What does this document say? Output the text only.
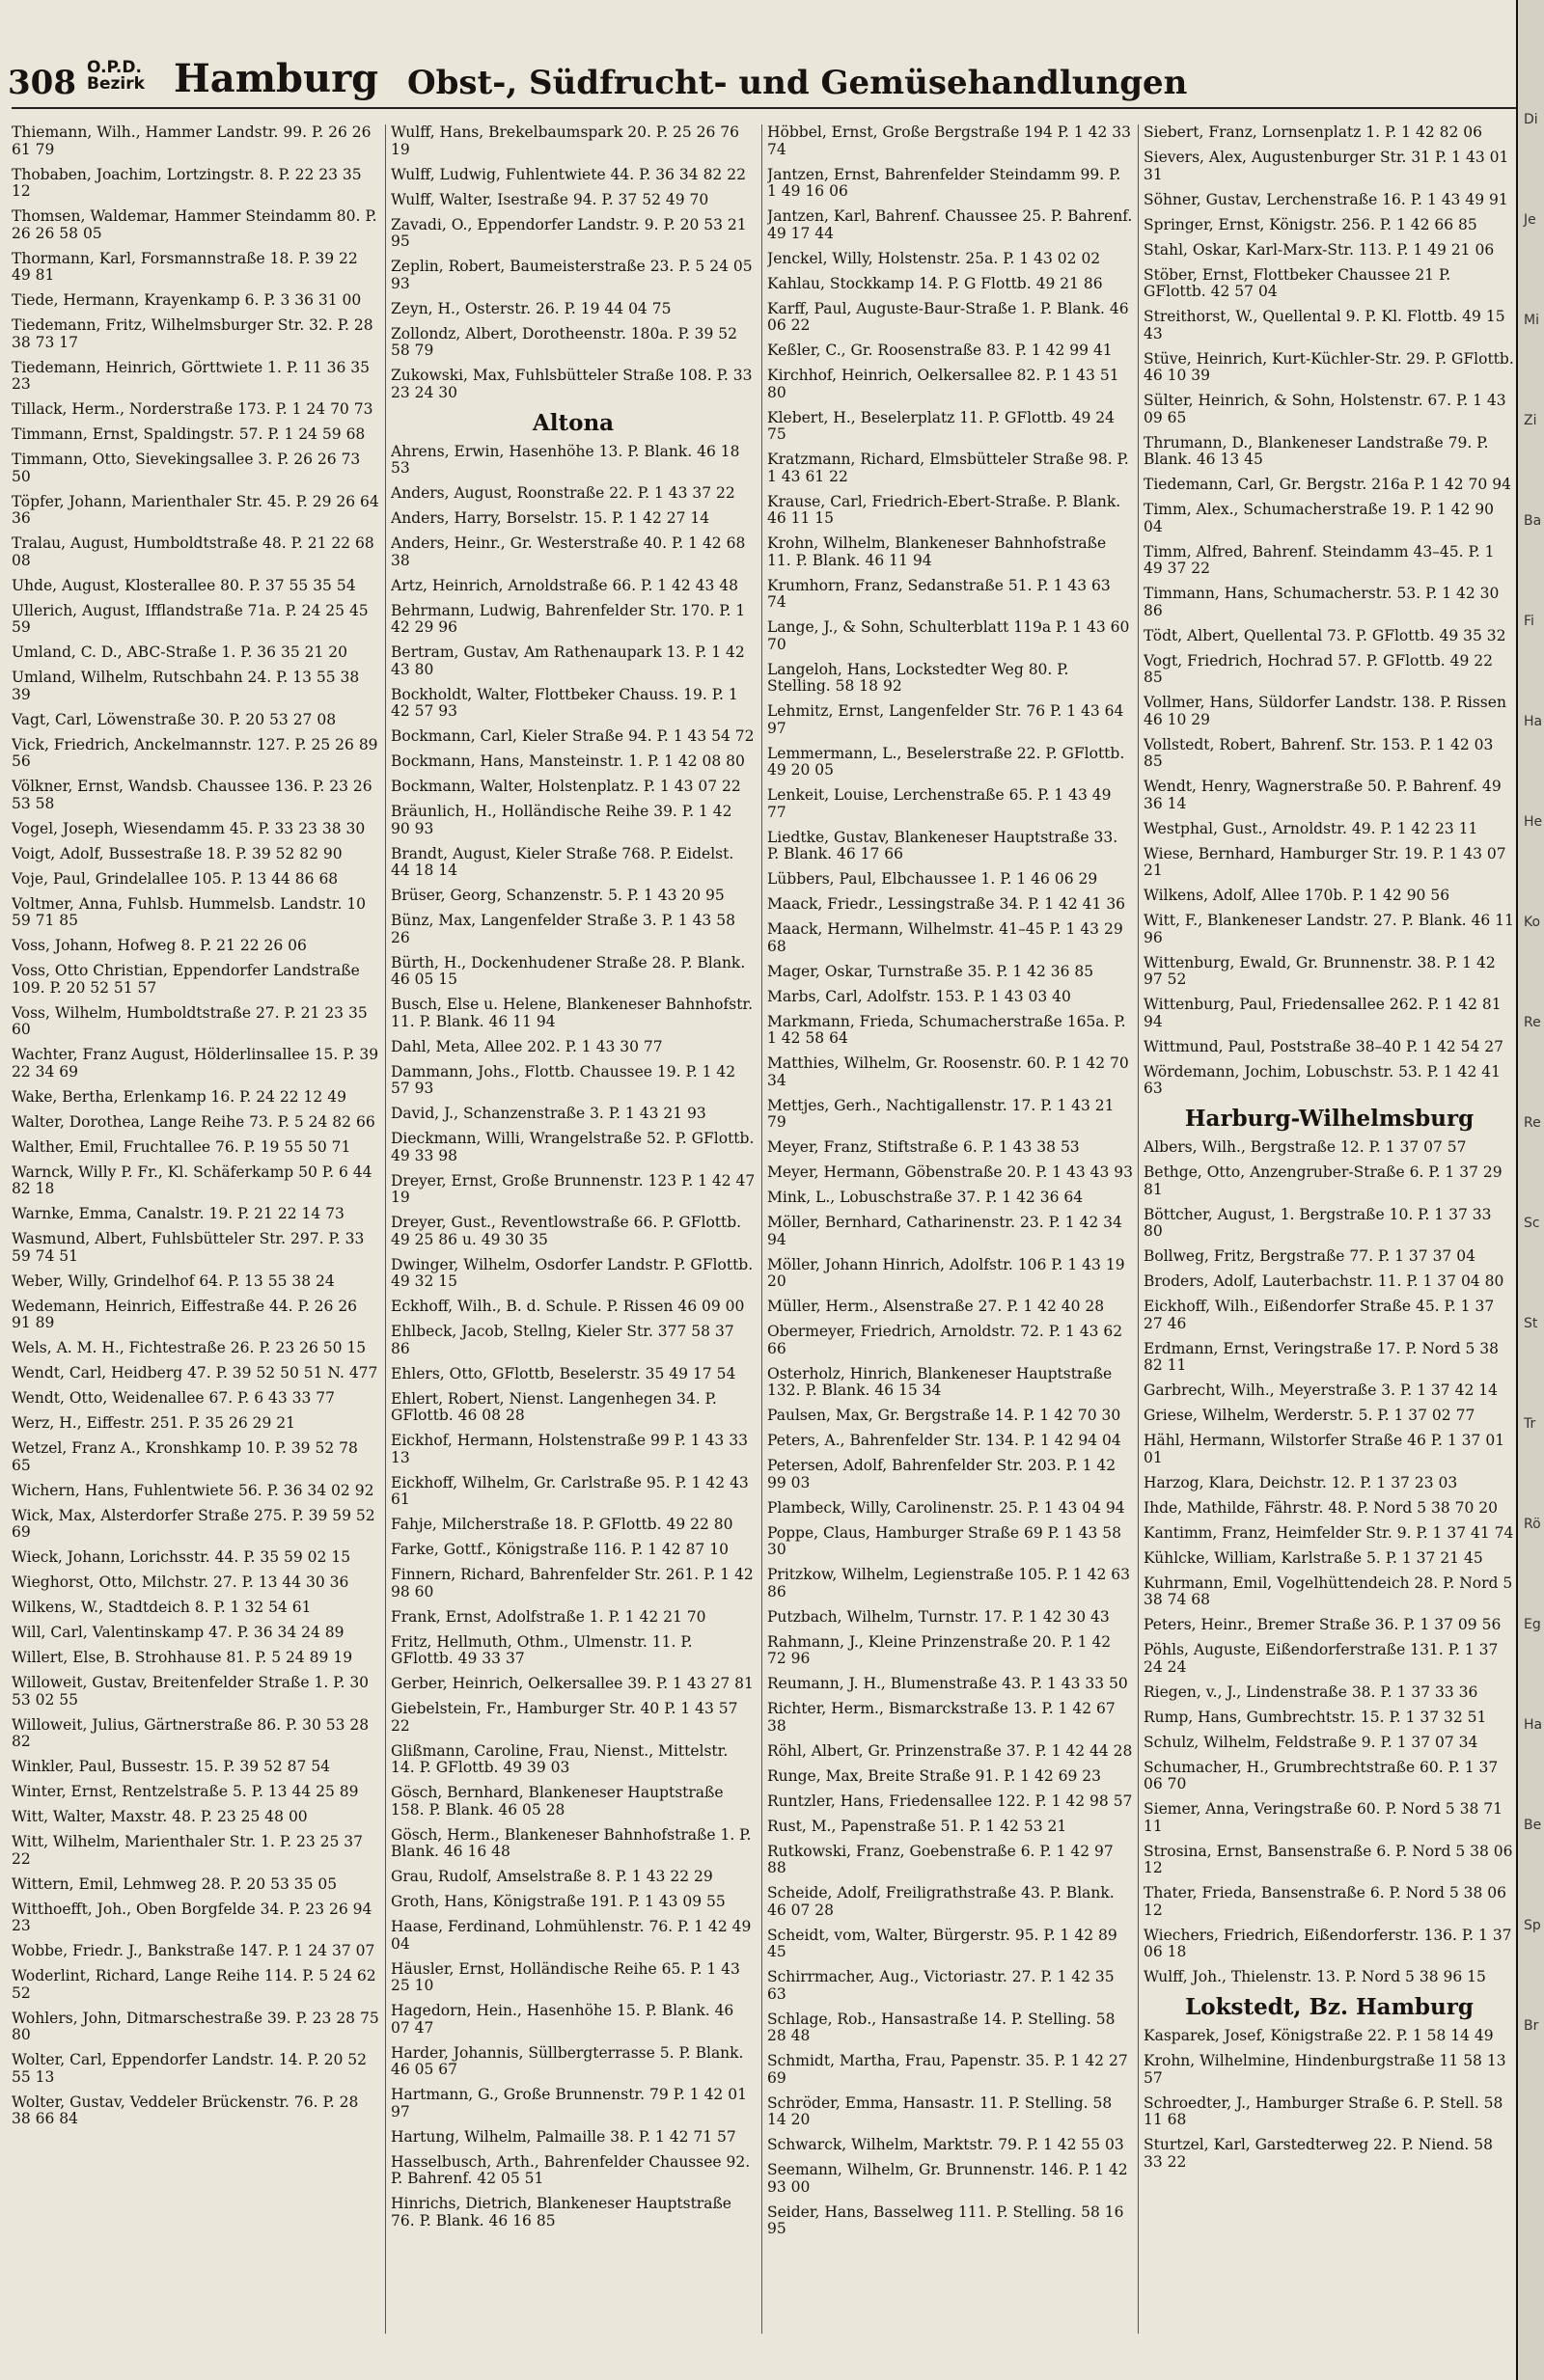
308 O.P.D.
Bezirk Hamburg Obst-, Südfrucht- und Gemüsehandlungen

Thiemann, Wilh., Hammer Landstr. 99. P. 26 26 61 79

Thobaben, Joachim, Lortzingstr. 8. P. 22 23 35 12

Thomsen, Waldemar, Hammer Steindamm 80. P. 26 26 58 05

Thormann, Karl, Forsmannstraße 18. P. 39 22 49 81

Tiede, Hermann, Krayenkamp 6. P. 3 36 31 00

Tiedemann, Fritz, Wilhelmsburger Str. 32. P. 28 38 73 17

Tiedemann, Heinrich, Görttwiete 1. P. 11 36 35 23

Tillack, Herm., Norderstraße 173. P. 1 24 70 73

Timmann, Ernst, Spaldingstr. 57. P. 1 24 59 68

Timmann, Otto, Sievekingsallee 3. P. 26 26 73 50

Töpfer, Johann, Marienthaler Str. 45. P. 29 26 64 36

Tralau, August, Humboldtstraße 48. P. 21 22 68 08

Uhde, August, Klosterallee 80. P. 37 55 35 54

Ullerich, August, Ifflandstraße 71a. P. 24 25 45 59

Umland, C. D., ABC-Straße 1. P. 36 35 21 20

Umland, Wilhelm, Rutschbahn 24. P. 13 55 38 39

Vagt, Carl, Löwenstraße 30. P. 20 53 27 08

Vick, Friedrich, Anckelmannstr. 127. P. 25 26 89 56

Völkner, Ernst, Wandsb. Chaussee 136. P. 23 26 53 58

Vogel, Joseph, Wiesendamm 45. P. 33 23 38 30

Voigt, Adolf, Bussestraße 18. P. 39 52 82 90

Voje, Paul, Grindelallee 105. P. 13 44 86 68

Voltmer, Anna, Fuhlsb. Hummelsb. Landstr. 10 59 71 85

Voss, Johann, Hofweg 8. P. 21 22 26 06

Voss, Otto Christian, Eppendorfer Landstraße 109. P. 20 52 51 57

Voss, Wilhelm, Humboldtstraße 27. P. 21 23 35 60

Wachter, Franz August, Hölderlinsallee 15. P. 39 22 34 69

Wake, Bertha, Erlenkamp 16. P. 24 22 12 49

Walter, Dorothea, Lange Reihe 73. P. 5 24 82 66

Walther, Emil, Fruchtallee 76. P. 19 55 50 71

Warnck, Willy P. Fr., Kl. Schäferkamp 50 P. 6 44 82 18

Warnke, Emma, Canalstr. 19. P. 21 22 14 73

Wasmund, Albert, Fuhlsbütteler Str. 297. P. 33 59 74 51

Weber, Willy, Grindelhof 64. P. 13 55 38 24

Wedemann, Heinrich, Eiffestraße 44. P. 26 26 91 89

Wels, A. M. H., Fichtestraße 26. P. 23 26 50 15

Wendt, Carl, Heidberg 47. P. 39 52 50 51 N. 477

Wendt, Otto, Weidenallee 67. P. 6 43 33 77

Werz, H., Eiffestr. 251. P. 35 26 29 21

Wetzel, Franz A., Kronshkamp 10. P. 39 52 78 65

Wichern, Hans, Fuhlentwiete 56. P. 36 34 02 92

Wick, Max, Alsterdorfer Straße 275. P. 39 59 52 69

Wieck, Johann, Lorichsstr. 44. P. 35 59 02 15

Wieghorst, Otto, Milchstr. 27. P. 13 44 30 36

Wilkens, W., Stadtdeich 8. P. 1 32 54 61

Will, Carl, Valentinskamp 47. P. 36 34 24 89

Willert, Else, B. Strohhause 81. P. 5 24 89 19

Willoweit, Gustav, Breitenfelder Straße 1. P. 30 53 02 55

Willoweit, Julius, Gärtnerstraße 86. P. 30 53 28 82

Winkler, Paul, Bussestr. 15. P. 39 52 87 54

Winter, Ernst, Rentzelstraße 5. P. 13 44 25 89

Witt, Walter, Maxstr. 48. P. 23 25 48 00

Witt, Wilhelm, Marienthaler Str. 1. P. 23 25 37 22

Wittern, Emil, Lehmweg 28. P. 20 53 35 05

Witthoefft, Joh., Oben Borgfelde 34. P. 23 26 94 23

Wobbe, Friedr. J., Bankstraße 147. P. 1 24 37 07

Woderlint, Richard, Lange Reihe 114. P. 5 24 62 52

Wohlers, John, Ditmarschestraße 39. P. 23 28 75 80

Wolter, Carl, Eppendorfer Landstr. 14. P. 20 52 55 13

Wolter, Gustav, Veddeler Brückenstr. 76. P. 28 38 66 84

Wulff, Hans, Brekelbaumspark 20. P. 25 26 76 19

Wulff, Ludwig, Fuhlentwiete 44. P. 36 34 82 22

Wulff, Walter, Isestraße 94. P. 37 52 49 70

Zavadi, O., Eppendorfer Landstr. 9. P. 20 53 21 95

Zeplin, Robert, Baumeisterstraße 23. P. 5 24 05 93

Zeyn, H., Osterstr. 26. P. 19 44 04 75

Zollondz, Albert, Dorotheenstr. 180a. P. 39 52 58 79

Zukowski, Max, Fuhlsbütteler Straße 108. P. 33 23 24 30

Altona

Ahrens, Erwin, Hasenhöhe 13. P. Blank. 46 18 53

Anders, August, Roonstraße 22. P. 1 43 37 22

Anders, Harry, Borselstr. 15. P. 1 42 27 14

Anders, Heinr., Gr. Westerstraße 40. P. 1 42 68 38

Artz, Heinrich, Arnoldstraße 66. P. 1 42 43 48

Behrmann, Ludwig, Bahrenfelder Str. 170. P. 1 42 29 96

Bertram, Gustav, Am Rathenaupark 13. P. 1 42 43 80

Bockholdt, Walter, Flottbeker Chauss. 19. P. 1 42 57 93

Bockmann, Carl, Kieler Straße 94. P. 1 43 54 72

Bockmann, Hans, Mansteinstr. 1. P. 1 42 08 80

Bockmann, Walter, Holstenplatz. P. 1 43 07 22

Bräunlich, H., Holländische Reihe 39. P. 1 42 90 93

Brandt, August, Kieler Straße 768. P. Eidelst. 44 18 14

Brüser, Georg, Schanzenstr. 5. P. 1 43 20 95

Bünz, Max, Langenfelder Straße 3. P. 1 43 58 26

Bürth, H., Dockenhudener Straße 28. P. Blank. 46 05 15

Busch, Else u. Helene, Blankeneser Bahnhofstr. 11. P. Blank. 46 11 94

Dahl, Meta, Allee 202. P. 1 43 30 77

Dammann, Johs., Flottb. Chaussee 19. P. 1 42 57 93

David, J., Schanzenstraße 3. P. 1 43 21 93

Dieckmann, Willi, Wrangelstraße 52. P. GFlottb. 49 33 98

Dreyer, Ernst, Große Brunnenstr. 123 P. 1 42 47 19

Dreyer, Gust., Reventlowstraße 66. P. GFlottb. 49 25 86 u. 49 30 35

Dwinger, Wilhelm, Osdorfer Landstr. P. GFlottb. 49 32 15

Eckhoff, Wilh., B. d. Schule. P. Rissen 46 09 00

Ehlbeck, Jacob, Stellng, Kieler Str. 377 58 37 86

Ehlers, Otto, GFlottb, Beselerstr. 35 49 17 54

Ehlert, Robert, Nienst. Langenhegen 34. P. GFlottb. 46 08 28

Eickhof, Hermann, Holstenstraße 99 P. 1 43 33 13

Eickhoff, Wilhelm, Gr. Carlstraße 95. P. 1 42 43 61

Fahje, Milcherstraße 18. P. GFlottb. 49 22 80

Farke, Gottf., Königstraße 116. P. 1 42 87 10

Finnern, Richard, Bahrenfelder Str. 261. P. 1 42 98 60

Frank, Ernst, Adolfstraße 1. P. 1 42 21 70

Fritz, Hellmuth, Othm., Ulmenstr. 11. P. GFlottb. 49 33 37

Gerber, Heinrich, Oelkersallee 39. P. 1 43 27 81

Giebelstein, Fr., Hamburger Str. 40 P. 1 43 57 22

Glißmann, Caroline, Frau, Nienst., Mittelstr. 14. P. GFlottb. 49 39 03

Gösch, Bernhard, Blankeneser Hauptstraße 158. P. Blank. 46 05 28

Gösch, Herm., Blankeneser Bahnhofstraße 1. P. Blank. 46 16 48

Grau, Rudolf, Amselstraße 8. P. 1 43 22 29

Groth, Hans, Königstraße 191. P. 1 43 09 55

Haase, Ferdinand, Lohmühlenstr. 76. P. 1 42 49 04

Häusler, Ernst, Holländische Reihe 65. P. 1 43 25 10

Hagedorn, Hein., Hasenhöhe 15. P. Blank. 46 07 47

Harder, Johannis, Süllbergterrasse 5. P. Blank. 46 05 67

Hartmann, G., Große Brunnenstr. 79 P. 1 42 01 97

Hartung, Wilhelm, Palmaille 38. P. 1 42 71 57

Hasselbusch, Arth., Bahrenfelder Chaussee 92. P. Bahrenf. 42 05 51

Hinrichs, Dietrich, Blankeneser Hauptstraße 76. P. Blank. 46 16 85

Höbbel, Ernst, Große Bergstraße 194 P. 1 42 33 74

Jantzen, Ernst, Bahrenfelder Steindamm 99. P. 1 49 16 06

Jantzen, Karl, Bahrenf. Chaussee 25. P. Bahrenf. 49 17 44

Jenckel, Willy, Holstenstr. 25a. P. 1 43 02 02

Kahlau, Stockkamp 14. P. G Flottb. 49 21 86

Karff, Paul, Auguste-Baur-Straße 1. P. Blank. 46 06 22

Keßler, C., Gr. Roosenstraße 83. P. 1 42 99 41

Kirchhof, Heinrich, Oelkersallee 82. P. 1 43 51 80

Klebert, H., Beselerplatz 11. P. GFlottb. 49 24 75

Kratzmann, Richard, Elmsbütteler Straße 98. P. 1 43 61 22

Krause, Carl, Friedrich-Ebert-Straße. P. Blank. 46 11 15

Krohn, Wilhelm, Blankeneser Bahnhofstraße 11. P. Blank. 46 11 94

Krumhorn, Franz, Sedanstraße 51. P. 1 43 63 74

Lange, J., & Sohn, Schulterblatt 119a P. 1 43 60 70

Langeloh, Hans, Lockstedter Weg 80. P. Stelling. 58 18 92

Lehmitz, Ernst, Langenfelder Str. 76 P. 1 43 64 97

Lemmermann, L., Beselerstraße 22. P. GFlottb. 49 20 05

Lenkeit, Louise, Lerchenstraße 65. P. 1 43 49 77

Liedtke, Gustav, Blankeneser Hauptstraße 33. P. Blank. 46 17 66

Lübbers, Paul, Elbchaussee 1. P. 1 46 06 29

Maack, Friedr., Lessingstraße 34. P. 1 42 41 36

Maack, Hermann, Wilhelmstr. 41–45 P. 1 43 29 68

Mager, Oskar, Turnstraße 35. P. 1 42 36 85

Marbs, Carl, Adolfstr. 153. P. 1 43 03 40

Markmann, Frieda, Schumacherstraße 165a. P. 1 42 58 64

Matthies, Wilhelm, Gr. Roosenstr. 60. P. 1 42 70 34

Mettjes, Gerh., Nachtigallenstr. 17. P. 1 43 21 79

Meyer, Franz, Stiftstraße 6. P. 1 43 38 53

Meyer, Hermann, Göbenstraße 20. P. 1 43 43 93

Mink, L., Lobuschstraße 37. P. 1 42 36 64

Möller, Bernhard, Catharinenstr. 23. P. 1 42 34 94

Möller, Johann Hinrich, Adolfstr. 106 P. 1 43 19 20

Müller, Herm., Alsenstraße 27. P. 1 42 40 28

Obermeyer, Friedrich, Arnoldstr. 72. P. 1 43 62 66

Osterholz, Hinrich, Blankeneser Hauptstraße 132. P. Blank. 46 15 34

Paulsen, Max, Gr. Bergstraße 14. P. 1 42 70 30

Peters, A., Bahrenfelder Str. 134. P. 1 42 94 04

Petersen, Adolf, Bahrenfelder Str. 203. P. 1 42 99 03

Plambeck, Willy, Carolinenstr. 25. P. 1 43 04 94

Poppe, Claus, Hamburger Straße 69 P. 1 43 58 30

Pritzkow, Wilhelm, Legienstraße 105. P. 1 42 63 86

Putzbach, Wilhelm, Turnstr. 17. P. 1 42 30 43

Rahmann, J., Kleine Prinzenstraße 20. P. 1 42 72 96

Reumann, J. H., Blumenstraße 43. P. 1 43 33 50

Richter, Herm., Bismarckstraße 13. P. 1 42 67 38

Röhl, Albert, Gr. Prinzenstraße 37. P. 1 42 44 28

Runge, Max, Breite Straße 91. P. 1 42 69 23

Runtzler, Hans, Friedensallee 122. P. 1 42 98 57

Rust, M., Papenstraße 51. P. 1 42 53 21

Rutkowski, Franz, Goebenstraße 6. P. 1 42 97 88

Scheide, Adolf, Freiligrathstraße 43. P. Blank. 46 07 28

Scheidt, vom, Walter, Bürgerstr. 95. P. 1 42 89 45

Schirrmacher, Aug., Victoriastr. 27. P. 1 42 35 63

Schlage, Rob., Hansastraße 14. P. Stelling. 58 28 48

Schmidt, Martha, Frau, Papenstr. 35. P. 1 42 27 69

Schröder, Emma, Hansastr. 11. P. Stelling. 58 14 20

Schwarck, Wilhelm, Marktstr. 79. P. 1 42 55 03

Seemann, Wilhelm, Gr. Brunnenstr. 146. P. 1 42 93 00

Seider, Hans, Basselweg 111. P. Stelling. 58 16 95

Siebert, Franz, Lornsenplatz 1. P. 1 42 82 06

Sievers, Alex, Augustenburger Str. 31 P. 1 43 01 31

Söhner, Gustav, Lerchenstraße 16. P. 1 43 49 91

Springer, Ernst, Königstr. 256. P. 1 42 66 85

Stahl, Oskar, Karl-Marx-Str. 113. P. 1 49 21 06

Stöber, Ernst, Flottbeker Chaussee 21 P. GFlottb. 42 57 04

Streithorst, W., Quellental 9. P. Kl. Flottb. 49 15 43

Stüve, Heinrich, Kurt-Küchler-Str. 29. P. GFlottb. 46 10 39

Sülter, Heinrich, & Sohn, Holstenstr. 67. P. 1 43 09 65

Thrumann, D., Blankeneser Landstraße 79. P. Blank. 46 13 45

Tiedemann, Carl, Gr. Bergstr. 216a P. 1 42 70 94

Timm, Alex., Schumacherstraße 19. P. 1 42 90 04

Timm, Alfred, Bahrenf. Steindamm 43–45. P. 1 49 37 22

Timmann, Hans, Schumacherstr. 53. P. 1 42 30 86

Tödt, Albert, Quellental 73. P. GFlottb. 49 35 32

Vogt, Friedrich, Hochrad 57. P. GFlottb. 49 22 85

Vollmer, Hans, Süldorfer Landstr. 138. P. Rissen 46 10 29

Vollstedt, Robert, Bahrenf. Str. 153. P. 1 42 03 85

Wendt, Henry, Wagnerstraße 50. P. Bahrenf. 49 36 14

Westphal, Gust., Arnoldstr. 49. P. 1 42 23 11

Wiese, Bernhard, Hamburger Str. 19. P. 1 43 07 21

Wilkens, Adolf, Allee 170b. P. 1 42 90 56

Witt, F., Blankeneser Landstr. 27. P. Blank. 46 11 96

Wittenburg, Ewald, Gr. Brunnenstr. 38. P. 1 42 97 52

Wittenburg, Paul, Friedensallee 262. P. 1 42 81 94

Wittmund, Paul, Poststraße 38–40 P. 1 42 54 27

Wördemann, Jochim, Lobuschstr. 53. P. 1 42 41 63

Harburg-Wilhelmsburg

Albers, Wilh., Bergstraße 12. P. 1 37 07 57

Bethge, Otto, Anzengruber-Straße 6. P. 1 37 29 81

Böttcher, August, 1. Bergstraße 10. P. 1 37 33 80

Bollweg, Fritz, Bergstraße 77. P. 1 37 37 04

Broders, Adolf, Lauterbachstr. 11. P. 1 37 04 80

Eickhoff, Wilh., Eißendorfer Straße 45. P. 1 37 27 46

Erdmann, Ernst, Veringstraße 17. P. Nord 5 38 82 11

Garbrecht, Wilh., Meyerstraße 3. P. 1 37 42 14

Griese, Wilhelm, Werderstr. 5. P. 1 37 02 77

Hähl, Hermann, Wilstorfer Straße 46 P. 1 37 01 01

Harzog, Klara, Deichstr. 12. P. 1 37 23 03

Ihde, Mathilde, Fährstr. 48. P. Nord 5 38 70 20

Kantimm, Franz, Heimfelder Str. 9. P. 1 37 41 74

Kühlcke, William, Karlstraße 5. P. 1 37 21 45

Kuhrmann, Emil, Vogelhüttendeich 28. P. Nord 5 38 74 68

Peters, Heinr., Bremer Straße 36. P. 1 37 09 56

Pöhls, Auguste, Eißendorferstraße 131. P. 1 37 24 24

Riegen, v., J., Lindenstraße 38. P. 1 37 33 36

Rump, Hans, Gumbrechtstr. 15. P. 1 37 32 51

Schulz, Wilhelm, Feldstraße 9. P. 1 37 07 34

Schumacher, H., Grumbrechtstraße 60. P. 1 37 06 70

Siemer, Anna, Veringstraße 60. P. Nord 5 38 71 11

Strosina, Ernst, Bansenstraße 6. P. Nord 5 38 06 12

Thater, Frieda, Bansenstraße 6. P. Nord 5 38 06 12

Wiechers, Friedrich, Eißendorferstr. 136. P. 1 37 06 18

Wulff, Joh., Thielenstr. 13. P. Nord 5 38 96 15

Lokstedt, Bz. Hamburg

Kasparek, Josef, Königstraße 22. P. 1 58 14 49

Krohn, Wilhelmine, Hindenburgstraße 11 58 13 57

Schroedter, J., Hamburger Straße 6. P. Stell. 58 11 68

Sturtzel, Karl, Garstedterweg 22. P. Niend. 58 33 22

Di
Je
Mi
Zi
Ba
Fi
Ha
He
Ko
Re
Re
Sc
St
Tr
Rö
Eg
Ha
Be
Sp
Br
